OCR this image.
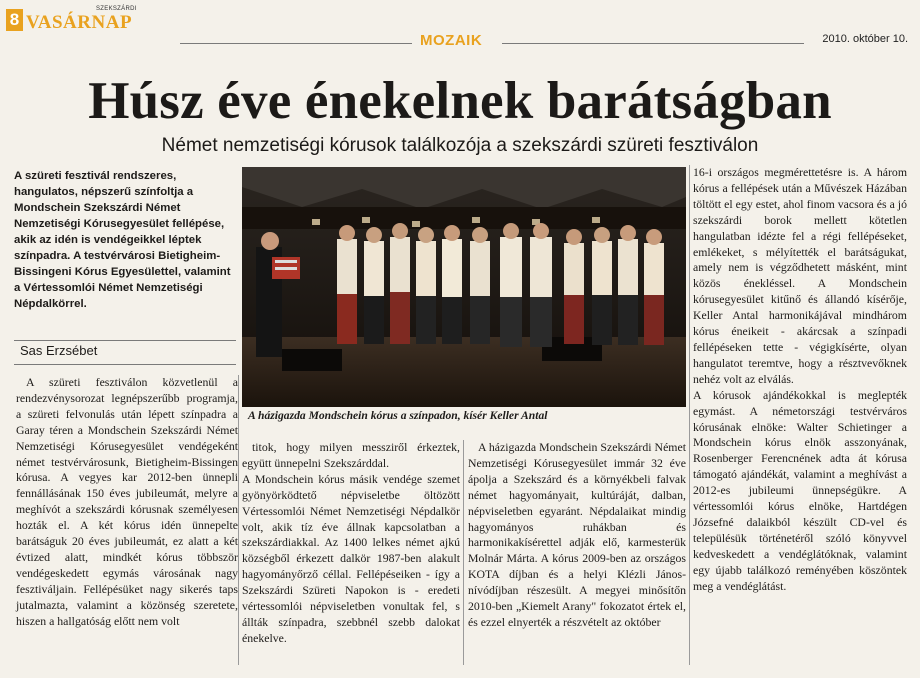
8
SZEKSZÁRDI
VASÁRNAP
MOZAIK	2010. október 10.
Húsz éve énekelnek barátságban
Német nemzetiségi kórusok találkozója a szekszárdi szüreti fesztiválon
A szüreti fesztivál rendszeres, hangulatos, népszerű színfoltja a Mondschein Szekszárdi Német Nemzetiségi Kórusegyesület fellépése, akik az idén is vendégeikkel léptek színpadra. A testvérvárosi Bietigheim-Bissingeni Kórus Egyesülettel, valamint a Vértessomlói Német Nemzetiségi Népdalkörrel.
Sas Erzsébet
A házigazda Mondschein kórus a színpadon, kísér Keller Antal

A szüreti fesztiválon közvetlenül a rendezvénysorozat legnépszerűbb programja, a szüreti felvonulás után lépett színpadra a Garay téren a Mondschein Szekszárdi Német Nemzetiségi Kórusegyesület vendégeként német testvérvárosunk, Bietigheim-Bissingen kórusa. A vegyes kar 2012-ben ünnepli fennállásának 150 éves jubileumát, melyre a meghívót a szekszárdi kórusnak személyesen hozták el. A két kórus idén ünnepelte barátságuk 20 éves jubileumát, ez alatt a két évtized alatt, mindkét kórus többször vendégeskedett egymás városának nagy fesztiváljain. Fellépésüket nagy sikerés taps jutalmazta, valamint a közönség szeretete, hiszen a hallgatóság előtt nem volt

titok, hogy milyen messziről érkeztek, együtt ünnepelni Szekszárddal.
A Mondschein kórus másik vendége szemet gyönyörködtető népviseletbe öltözött Vértessomlói Német Nemzetiségi Népdalkör volt, akik tíz éve állnak kapcsolatban a szekszárdiakkal. Az 1400 lelkes német ajkú községből érkezett dalkör 1987-ben alakult hagyományőrző céllal. Fellépéseiken - így a Szekszárdi Szüreti Napokon is - eredeti vértessomlói népviseletben vonultak fel, s állták színpadra, szebbnél szebb dalokat énekelve.

A házigazda Mondschein Szekszárdi Német Nemzetiségi Kórusegyesület immár 32 éve ápolja a Szekszárd és a környékbeli falvak német hagyományait, kultúráját, dalban, népviseletben egyaránt. Népdalaikat mindig hagyományos ruhákban és harmonikakísérettel adják elő, karmesterük Molnár Márta. A kórus 2009-ben az országos KOTA díjban és a helyi Klézli János-nívódíjban részesült. A megyei minősítőn 2010-ben „Kiemelt Arany" fokozatot értek el, és ezzel elnyerték a részvételt az október

16-i országos megmérettetésre is. A három kórus a fellépések után a Művészek Házában töltött el egy estet, ahol finom vacsora és a jó szekszárdi borok mellett kötetlen hangulatban idézte fel a régi fellépéseket, emlékeket, s mélyítették el barátságukat, amely nem is végződhetett másként, mint közös énekléssel. A Mondschein kórusegyesület kitűnő és állandó kísérője, Keller Antal harmonikájával mindhárom kórus éneikeit - akárcsak a színpadi fellépéseken tette - végigkísérte, olyan hangulatot teremtve, hogy a résztvevőknek nehéz volt az elválás.
A kórusok ajándékokkal is meglepték egymást. A németországi testvérváros kórusának elnöke: Walter Schietinger a Mondschein kórus elnök asszonyának, Rosenberger Ferencnének adta át kórusa támogató ajándékát, valamint a meghívást a 2012-es jubileumi ünnepségükre. A vértessomlói kórus elnöke, Hartdégen Józsefné dalaikból készült CD-vel és településük történetéről szóló könyvvel kedveskedett a vendéglátóknak, valamint egy újabb találkozó reményében köszöntek meg a vendéglátást.
